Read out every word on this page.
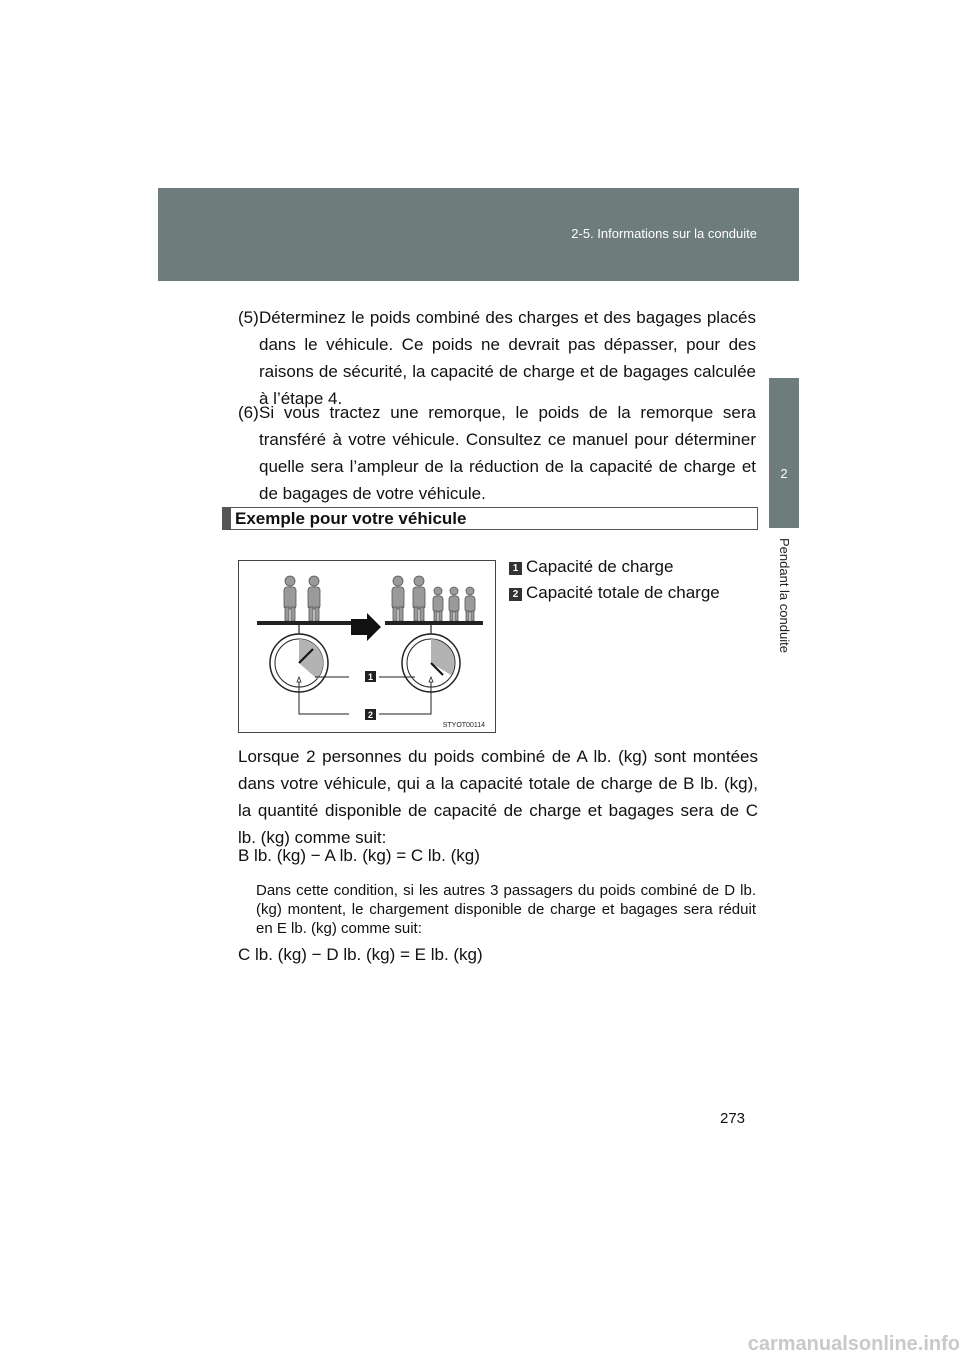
2-5. Informations sur la conduite
2
Pendant la conduite
(5) Déterminez le poids combiné des charges et des bagages placés dans le véhicule. Ce poids ne devrait pas dépasser, pour des raisons de sécurité, la capacité de charge et de bagages calculée à l’étape 4.
(6) Si vous tractez une remorque, le poids de la remorque sera transféré à votre véhicule. Consultez ce manuel pour déterminer quelle sera l’ampleur de la réduction de la capacité de charge et de bagages de votre véhicule.
Exemple pour votre véhicule
1
2
STYOT00114
1 Capacité de charge
2 Capacité totale de charge
Lorsque 2 personnes du poids combiné de A lb. (kg) sont montées dans votre véhicule, qui a la capacité totale de charge de B lb. (kg), la quantité disponible de capacité de charge et bagages sera de C lb. (kg) comme suit:
B lb. (kg) − A lb. (kg) = C lb. (kg)
Dans cette condition, si les autres 3 passagers du poids combiné de D lb. (kg) montent, le chargement disponible de charge et bagages sera réduit en E lb. (kg) comme suit:
C lb. (kg) − D lb. (kg) = E lb. (kg)
273
carmanualsonline.info
